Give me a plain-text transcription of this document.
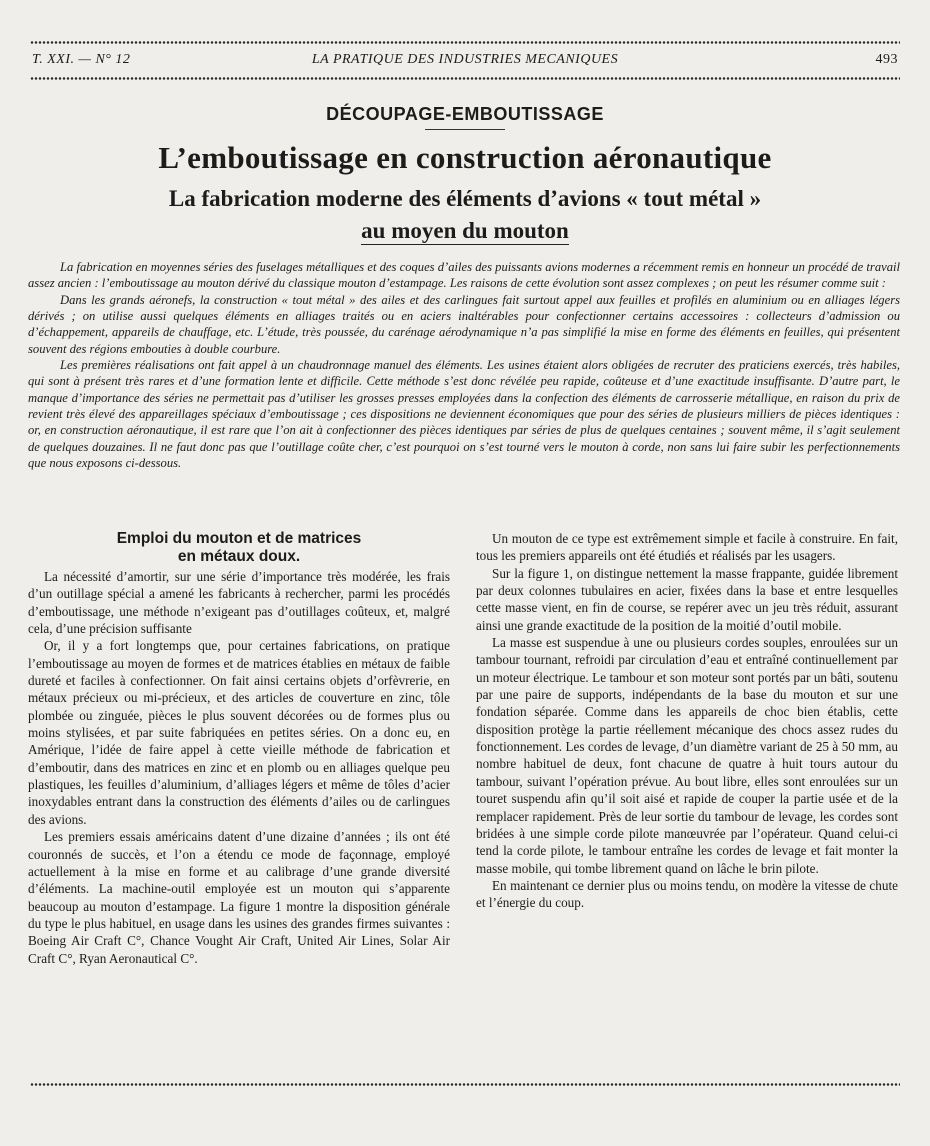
T. XXI. — N° 12	LA PRATIQUE DES INDUSTRIES MECANIQUES	493
DÉCOUPAGE-EMBOUTISSAGE
L’emboutissage en construction aéronautique
La fabrication moderne des éléments d’avions « tout métal »
au moyen du mouton

La fabrication en moyennes séries des fuselages métalliques et des coques d’ailes des puissants avions modernes a récemment remis en honneur un procédé de travail assez ancien : l’emboutissage au mouton dérivé du classique mouton d’estampage. Les raisons de cette évolution sont assez complexes ; on peut les résumer comme suit :

Dans les grands aéronefs, la construction « tout métal » des ailes et des carlingues fait surtout appel aux feuilles et profilés en aluminium ou en alliages légers dérivés ; on utilise aussi quelques éléments en alliages traités ou en aciers inaltérables pour confectionner certains accessoires : collecteurs d’admission ou d’échappement, appareils de chauffage, etc. L’étude, très poussée, du carénage aérodynamique n’a pas simplifié la mise en forme des éléments en feuilles, qui présentent souvent des régions embouties à double courbure.

Les premières réalisations ont fait appel à un chaudronnage manuel des éléments. Les usines étaient alors obligées de recruter des praticiens exercés, très habiles, qui sont à présent très rares et d’une formation lente et difficile. Cette méthode s’est donc révélée peu rapide, coûteuse et d’une exactitude insuffisante. D’autre part, le manque d’importance des séries ne permettait pas d’utiliser les grosses presses employées dans la confection des éléments de carrosserie métallique, en raison du prix de revient très élevé des appareillages spéciaux d’emboutissage ; ces dispositions ne deviennent économiques que pour des séries de plusieurs milliers de pièces identiques : or, en construction aéronautique, il est rare que l’on ait à confectionner des pièces identiques par séries de plus de quelques centaines ; souvent même, il s’agit seulement de quelques douzaines. Il ne faut donc pas que l’outillage coûte cher, c’est pourquoi on s’est tourné vers le mouton à corde, non sans lui faire subir les perfectionnements que nous exposons ci-dessous.

Emploi du mouton et de matrices
en métaux doux.

La nécessité d’amortir, sur une série d’importance très modérée, les frais d’un outillage spécial a amené les fabricants à rechercher, parmi les procédés d’emboutissage, une méthode n’exigeant pas d’outillages coûteux, et, malgré cela, d’une précision suffisante

Or, il y a fort longtemps que, pour certaines fabrications, on pratique l’emboutissage au moyen de formes et de matrices établies en métaux de faible dureté et faciles à confectionner. On fait ainsi certains objets d’orfèvrerie, en métaux précieux ou mi-précieux, et des articles de couverture en zinc, tôle plombée ou zinguée, pièces le plus souvent décorées ou de formes plus ou moins stylisées, et par suite fabriquées en petites séries. On a donc eu, en Amérique, l’idée de faire appel à cette vieille méthode de fabrication et d’emboutir, dans des matrices en zinc et en plomb ou en alliages quelque peu plastiques, les feuilles d’aluminium, d’alliages légers et même de tôles d’acier inoxydables entrant dans la construction des éléments d’ailes ou de carlingues des avions.

Les premiers essais américains datent d’une dizaine d’années ; ils ont été couronnés de succès, et l’on a étendu ce mode de façonnage, employé actuellement à la mise en forme et au calibrage d’une grande diversité d’éléments. La machine-outil employée est un mouton qui s’apparente beaucoup au mouton d’estampage. La figure 1 montre la disposition générale du type le plus habituel, en usage dans les usines des grandes firmes suivantes : Boeing Air Craft C°, Chance Vought Air Craft, United Air Lines, Solar Air Craft C°, Ryan Aeronautical C°.

Un mouton de ce type est extrêmement simple et facile à construire. En fait, tous les premiers appareils ont été étudiés et réalisés par les usagers.

Sur la figure 1, on distingue nettement la masse frappante, guidée librement par deux colonnes tubulaires en acier, fixées dans la base et entre lesquelles cette masse vient, en fin de course, se repérer avec un jeu très réduit, assurant ainsi une grande exactitude de la position de la moitié d’outil mobile.

La masse est suspendue à une ou plusieurs cordes souples, enroulées sur un tambour tournant, refroidi par circulation d’eau et entraîné continuellement par un moteur électrique. Le tambour et son moteur sont portés par un bâti, soutenu par une paire de supports, indépendants de la base du mouton et sur une fondation séparée. Comme dans les appareils de choc bien établis, cette disposition protège la partie réellement mécanique des chocs assez rudes du fonctionnement. Les cordes de levage, d’un diamètre variant de 25 à 50 mm, au nombre habituel de deux, font chacune de quatre à huit tours autour du tambour, suivant l’opération prévue. Au bout libre, elles sont enroulées sur un touret suspendu afin qu’il soit aisé et rapide de couper la partie usée et de la remplacer rapidement. Près de leur sortie du tambour de levage, les cordes sont bridées à une simple corde pilote manœuvrée par l’opérateur. Quand celui-ci tend la corde pilote, le tambour entraîne les cordes de levage et fait monter la masse mobile, qui tombe librement quand on lâche le brin pilote.

En maintenant ce dernier plus ou moins tendu, on modère la vitesse de chute et l’énergie du coup.
